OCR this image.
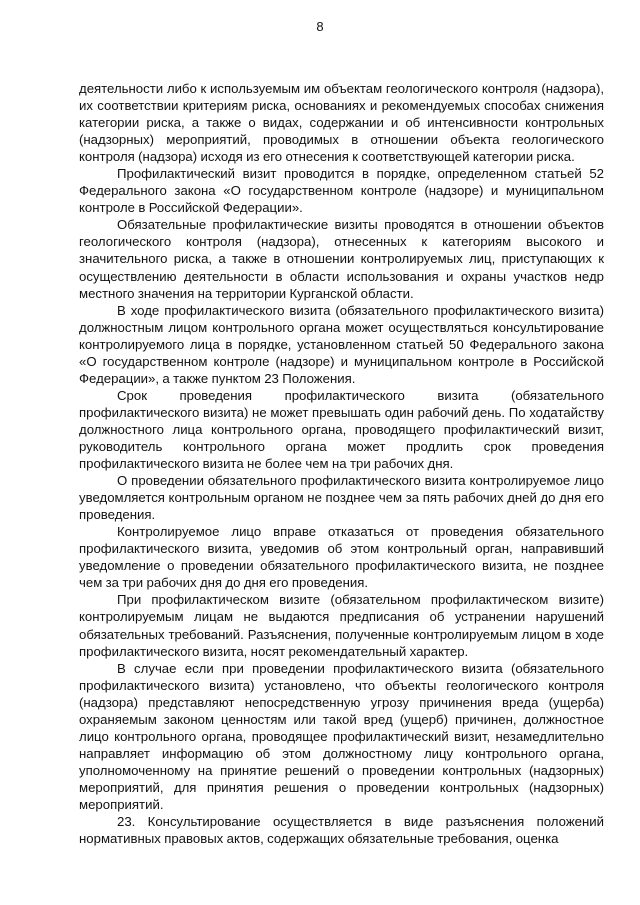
8

деятельности либо к используемым им объектам геологического контроля (надзора), их соответствии критериям риска, основаниях и рекомендуемых способах снижения категории риска, а также о видах, содержании и об интенсивности контрольных (надзорных) мероприятий, проводимых в отношении объекта геологического контроля (надзора) исходя из его отнесения к соответствующей категории риска.

Профилактический визит проводится в порядке, определенном статьей 52 Федерального закона «О государственном контроле (надзоре) и муниципальном контроле в Российской Федерации».

Обязательные профилактические визиты проводятся в отношении объектов геологического контроля (надзора), отнесенных к категориям высокого и значительного риска, а также в отношении контролируемых лиц, приступающих к осуществлению деятельности в области использования и охраны участков недр местного значения на территории Курганской области.

В ходе профилактического визита (обязательного профилактического визита) должностным лицом контрольного органа может осуществляться консультирование контролируемого лица в порядке, установленном статьей 50 Федерального закона «О государственном контроле (надзоре) и муниципальном контроле в Российской Федерации», а также пунктом 23 Положения.

Срок проведения профилактического визита (обязательного профилактического визита) не может превышать один рабочий день. По ходатайству должностного лица контрольного органа, проводящего профилактический визит, руководитель контрольного органа может продлить срок проведения профилактического визита не более чем на три рабочих дня.

О проведении обязательного профилактического визита контролируемое лицо уведомляется контрольным органом не позднее чем за пять рабочих дней до дня его проведения.

Контролируемое лицо вправе отказаться от проведения обязательного профилактического визита, уведомив об этом контрольный орган, направивший уведомление о проведении обязательного профилактического визита, не позднее чем за три рабочих дня до дня его проведения.

При профилактическом визите (обязательном профилактическом визите) контролируемым лицам не выдаются предписания об устранении нарушений обязательных требований. Разъяснения, полученные контролируемым лицом в ходе профилактического визита, носят рекомендательный характер.

В случае если при проведении профилактического визита (обязательного профилактического визита) установлено, что объекты геологического контроля (надзора) представляют непосредственную угрозу причинения вреда (ущерба) охраняемым законом ценностям или такой вред (ущерб) причинен, должностное лицо контрольного органа, проводящее профилактический визит, незамедлительно направляет информацию об этом должностному лицу контрольного органа, уполномоченному на принятие решений о проведении контрольных (надзорных) мероприятий, для принятия решения о проведении контрольных (надзорных) мероприятий.

23. Консультирование осуществляется в виде разъяснения положений нормативных правовых актов, содержащих обязательные требования, оценка
